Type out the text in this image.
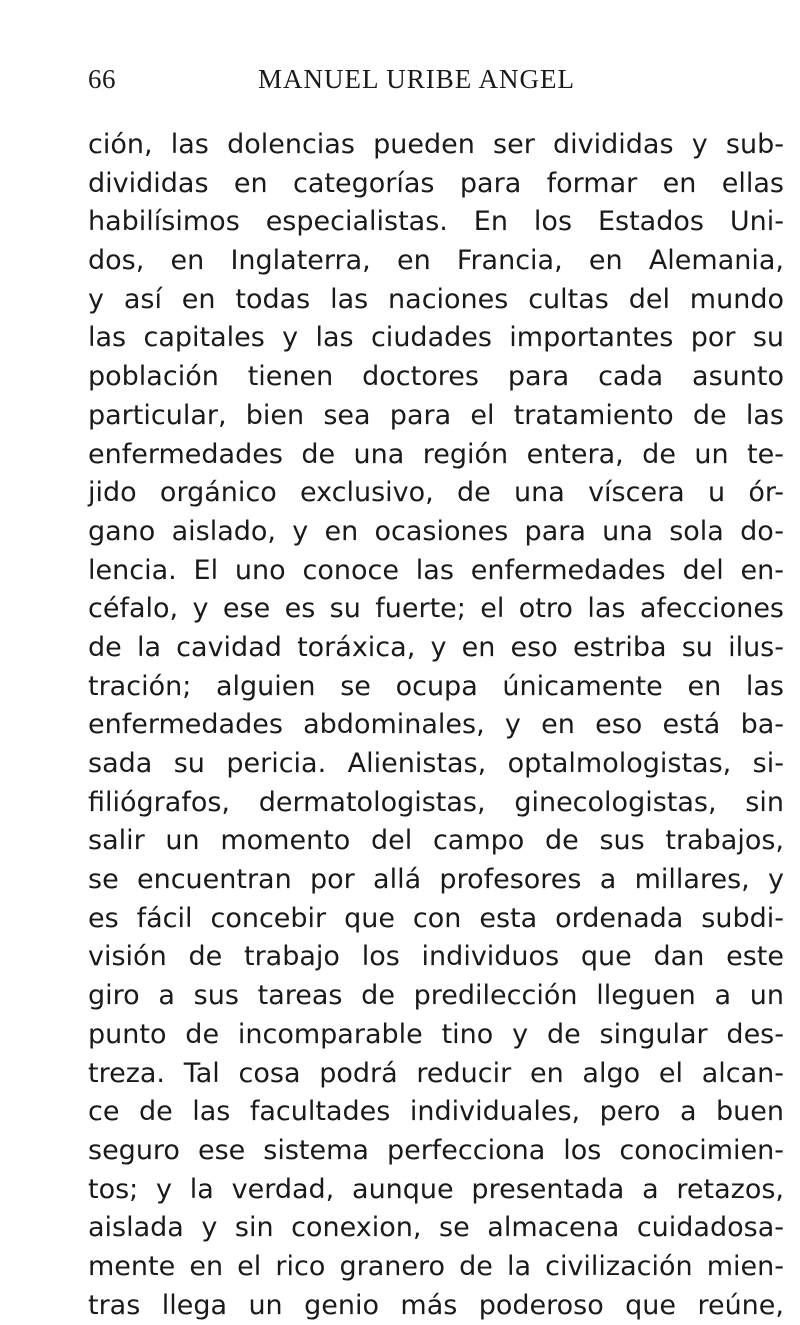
66	MANUEL URIBE ANGEL
ción, las dolencias pueden ser divididas y sub-
divididas en categorías para formar en ellas
habilísimos especialistas. En los Estados Uni-
dos, en Inglaterra, en Francia, en Alemania,
y así en todas las naciones cultas del mundo
las capitales y las ciudades importantes por su
población tienen doctores para cada asunto
particular, bien sea para el tratamiento de las
enfermedades de una región entera, de un te-
jido orgánico exclusivo, de una víscera u ór-
gano aislado, y en ocasiones para una sola do-
lencia. El uno conoce las enfermedades del en-
céfalo, y ese es su fuerte; el otro las afecciones
de la cavidad toráxica, y en eso estriba su ilus-
tración; alguien se ocupa únicamente en las
enfermedades abdominales, y en eso está ba-
sada su pericia. Alienistas, optalmologistas, si-
filiógrafos, dermatologistas, ginecologistas, sin
salir un momento del campo de sus trabajos,
se encuentran por allá profesores a millares, y
es fácil concebir que con esta ordenada subdi-
visión de trabajo los individuos que dan este
giro a sus tareas de predilección lleguen a un
punto de incomparable tino y de singular des-
treza. Tal cosa podrá reducir en algo el alcan-
ce de las facultades individuales, pero a buen
seguro ese sistema perfecciona los conocimien-
tos; y la verdad, aunque presentada a retazos,
aislada y sin conexion, se almacena cuidadosa-
mente en el rico granero de la civilización mien-
tras llega un genio más poderoso que reúne,
